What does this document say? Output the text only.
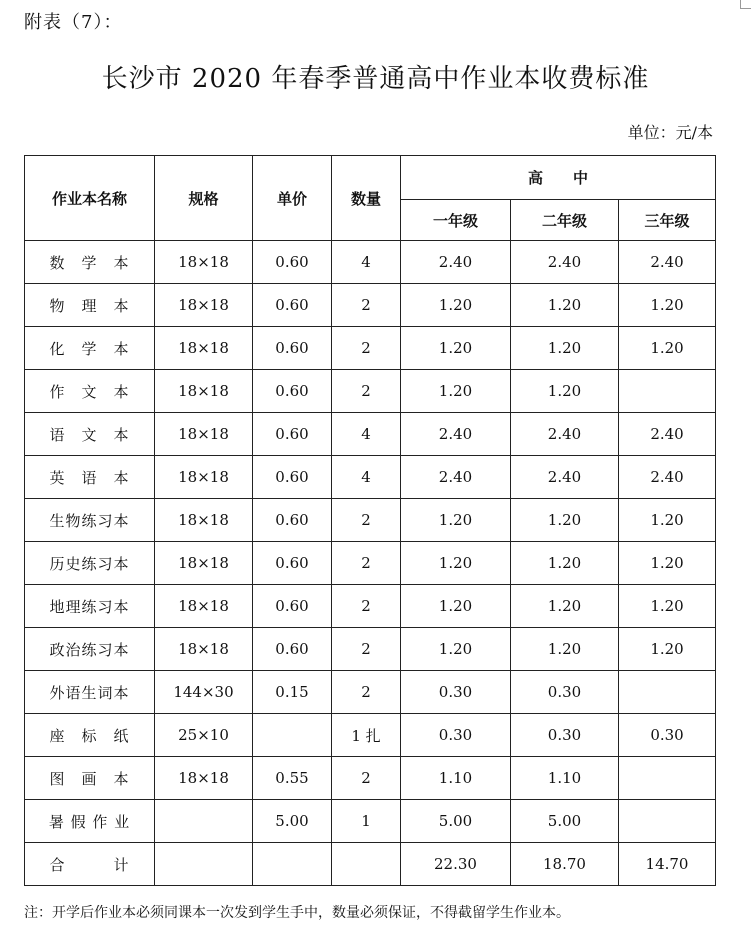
附表（7）：
长沙市 2020 年春季普通高中作业本收费标准
单位：元/本
作业本名称	规格	单价	数量	高　　中		
				一年级	二年级	三年级
数　学　本	18×18	0.60	4	2.40	2.40	2.40
物　理　本	18×18	0.60	2	1.20	1.20	1.20
化　学　本	18×18	0.60	2	1.20	1.20	1.20
作　文　本	18×18	0.60	2	1.20	1.20	
语　文　本	18×18	0.60	4	2.40	2.40	2.40
英　语　本	18×18	0.60	4	2.40	2.40	2.40
生物练习本	18×18	0.60	2	1.20	1.20	1.20
历史练习本	18×18	0.60	2	1.20	1.20	1.20
地理练习本	18×18	0.60	2	1.20	1.20	1.20
政治练习本	18×18	0.60	2	1.20	1.20	1.20
外语生词本	144×30	0.15	2	0.30	0.30	
座　标　纸	25×10		1 扎	0.30	0.30	0.30
图　画　本	18×18	0.55	2	1.10	1.10	
暑 假 作 业		5.00	1	5.00	5.00	
合　　　计				22.30	18.70	14.70
注：开学后作业本必须同课本一次发到学生手中，数量必须保证，不得截留学生作业本。
